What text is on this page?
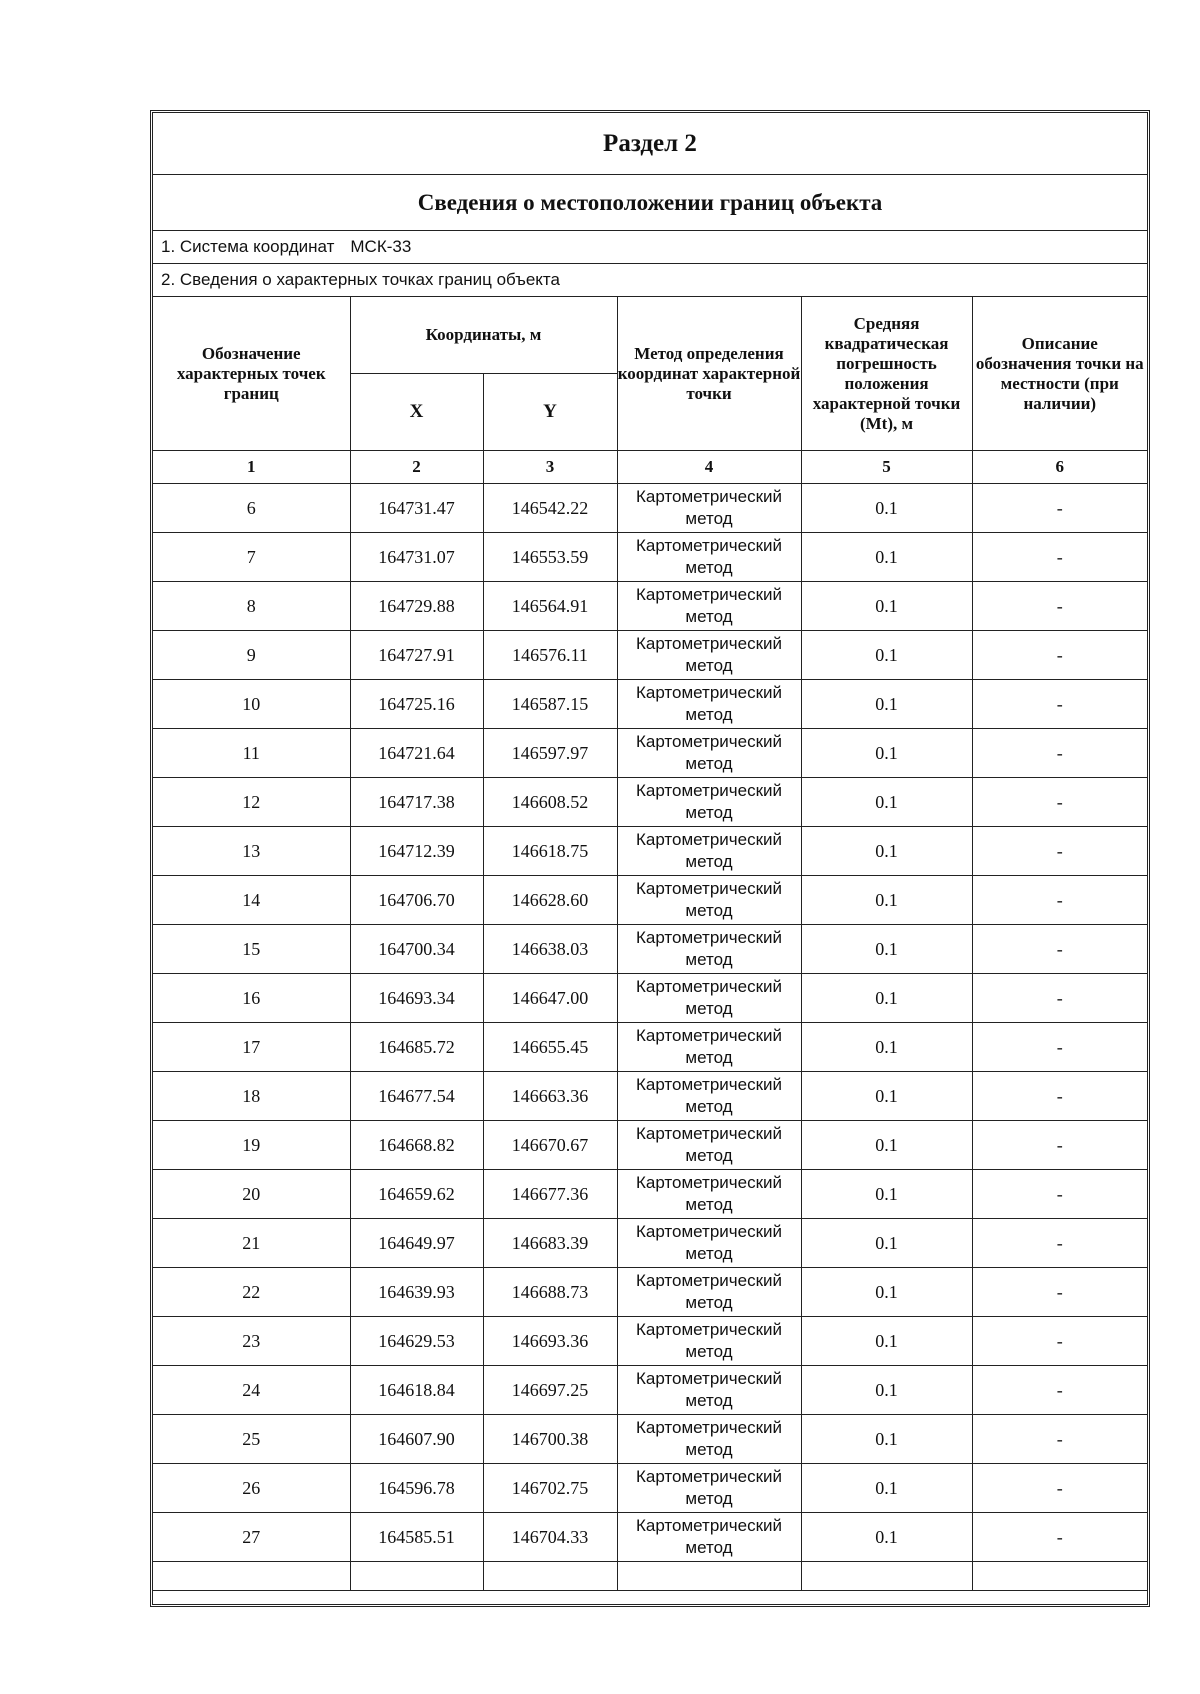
Раздел 2
Сведения о местоположении границ объекта
1. Система координат МСК-33
2. Сведения о характерных точках границ объекта
Обозначение характерных точек границ	Координаты, м		Метод определения координат характерной точки	Средняя квадратическая погрешность положения характерной точки (Mt), м	Описание обозначения точки на местности (при наличии)
	X	Y			
1	2	3	4	5	6
6	164731.47	146542.22	Картометрический метод	0.1	-
7	164731.07	146553.59	Картометрический метод	0.1	-
8	164729.88	146564.91	Картометрический метод	0.1	-
9	164727.91	146576.11	Картометрический метод	0.1	-
10	164725.16	146587.15	Картометрический метод	0.1	-
11	164721.64	146597.97	Картометрический метод	0.1	-
12	164717.38	146608.52	Картометрический метод	0.1	-
13	164712.39	146618.75	Картометрический метод	0.1	-
14	164706.70	146628.60	Картометрический метод	0.1	-
15	164700.34	146638.03	Картометрический метод	0.1	-
16	164693.34	146647.00	Картометрический метод	0.1	-
17	164685.72	146655.45	Картометрический метод	0.1	-
18	164677.54	146663.36	Картометрический метод	0.1	-
19	164668.82	146670.67	Картометрический метод	0.1	-
20	164659.62	146677.36	Картометрический метод	0.1	-
21	164649.97	146683.39	Картометрический метод	0.1	-
22	164639.93	146688.73	Картометрический метод	0.1	-
23	164629.53	146693.36	Картометрический метод	0.1	-
24	164618.84	146697.25	Картометрический метод	0.1	-
25	164607.90	146700.38	Картометрический метод	0.1	-
26	164596.78	146702.75	Картометрический метод	0.1	-
27	164585.51	146704.33	Картометрический метод	0.1	-
